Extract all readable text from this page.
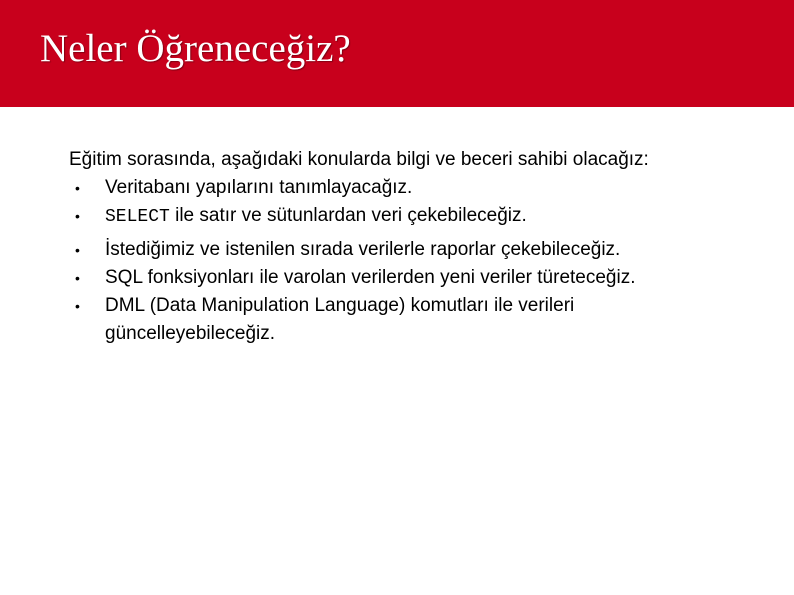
Neler Öğreneceğiz?

Eğitim sorasında, aşağıdaki konularda bilgi ve beceri sahibi olacağız:

• Veritabanı yapılarını tanımlayacağız.
• SELECT ile satır ve sütunlardan veri çekebileceğiz.
• İstediğimiz ve istenilen sırada verilerle raporlar çekebileceğiz.
• SQL fonksiyonları ile varolan verilerden yeni veriler türeteceğiz.
• DML (Data Manipulation Language) komutları ile verileri güncelleyebileceğiz.
